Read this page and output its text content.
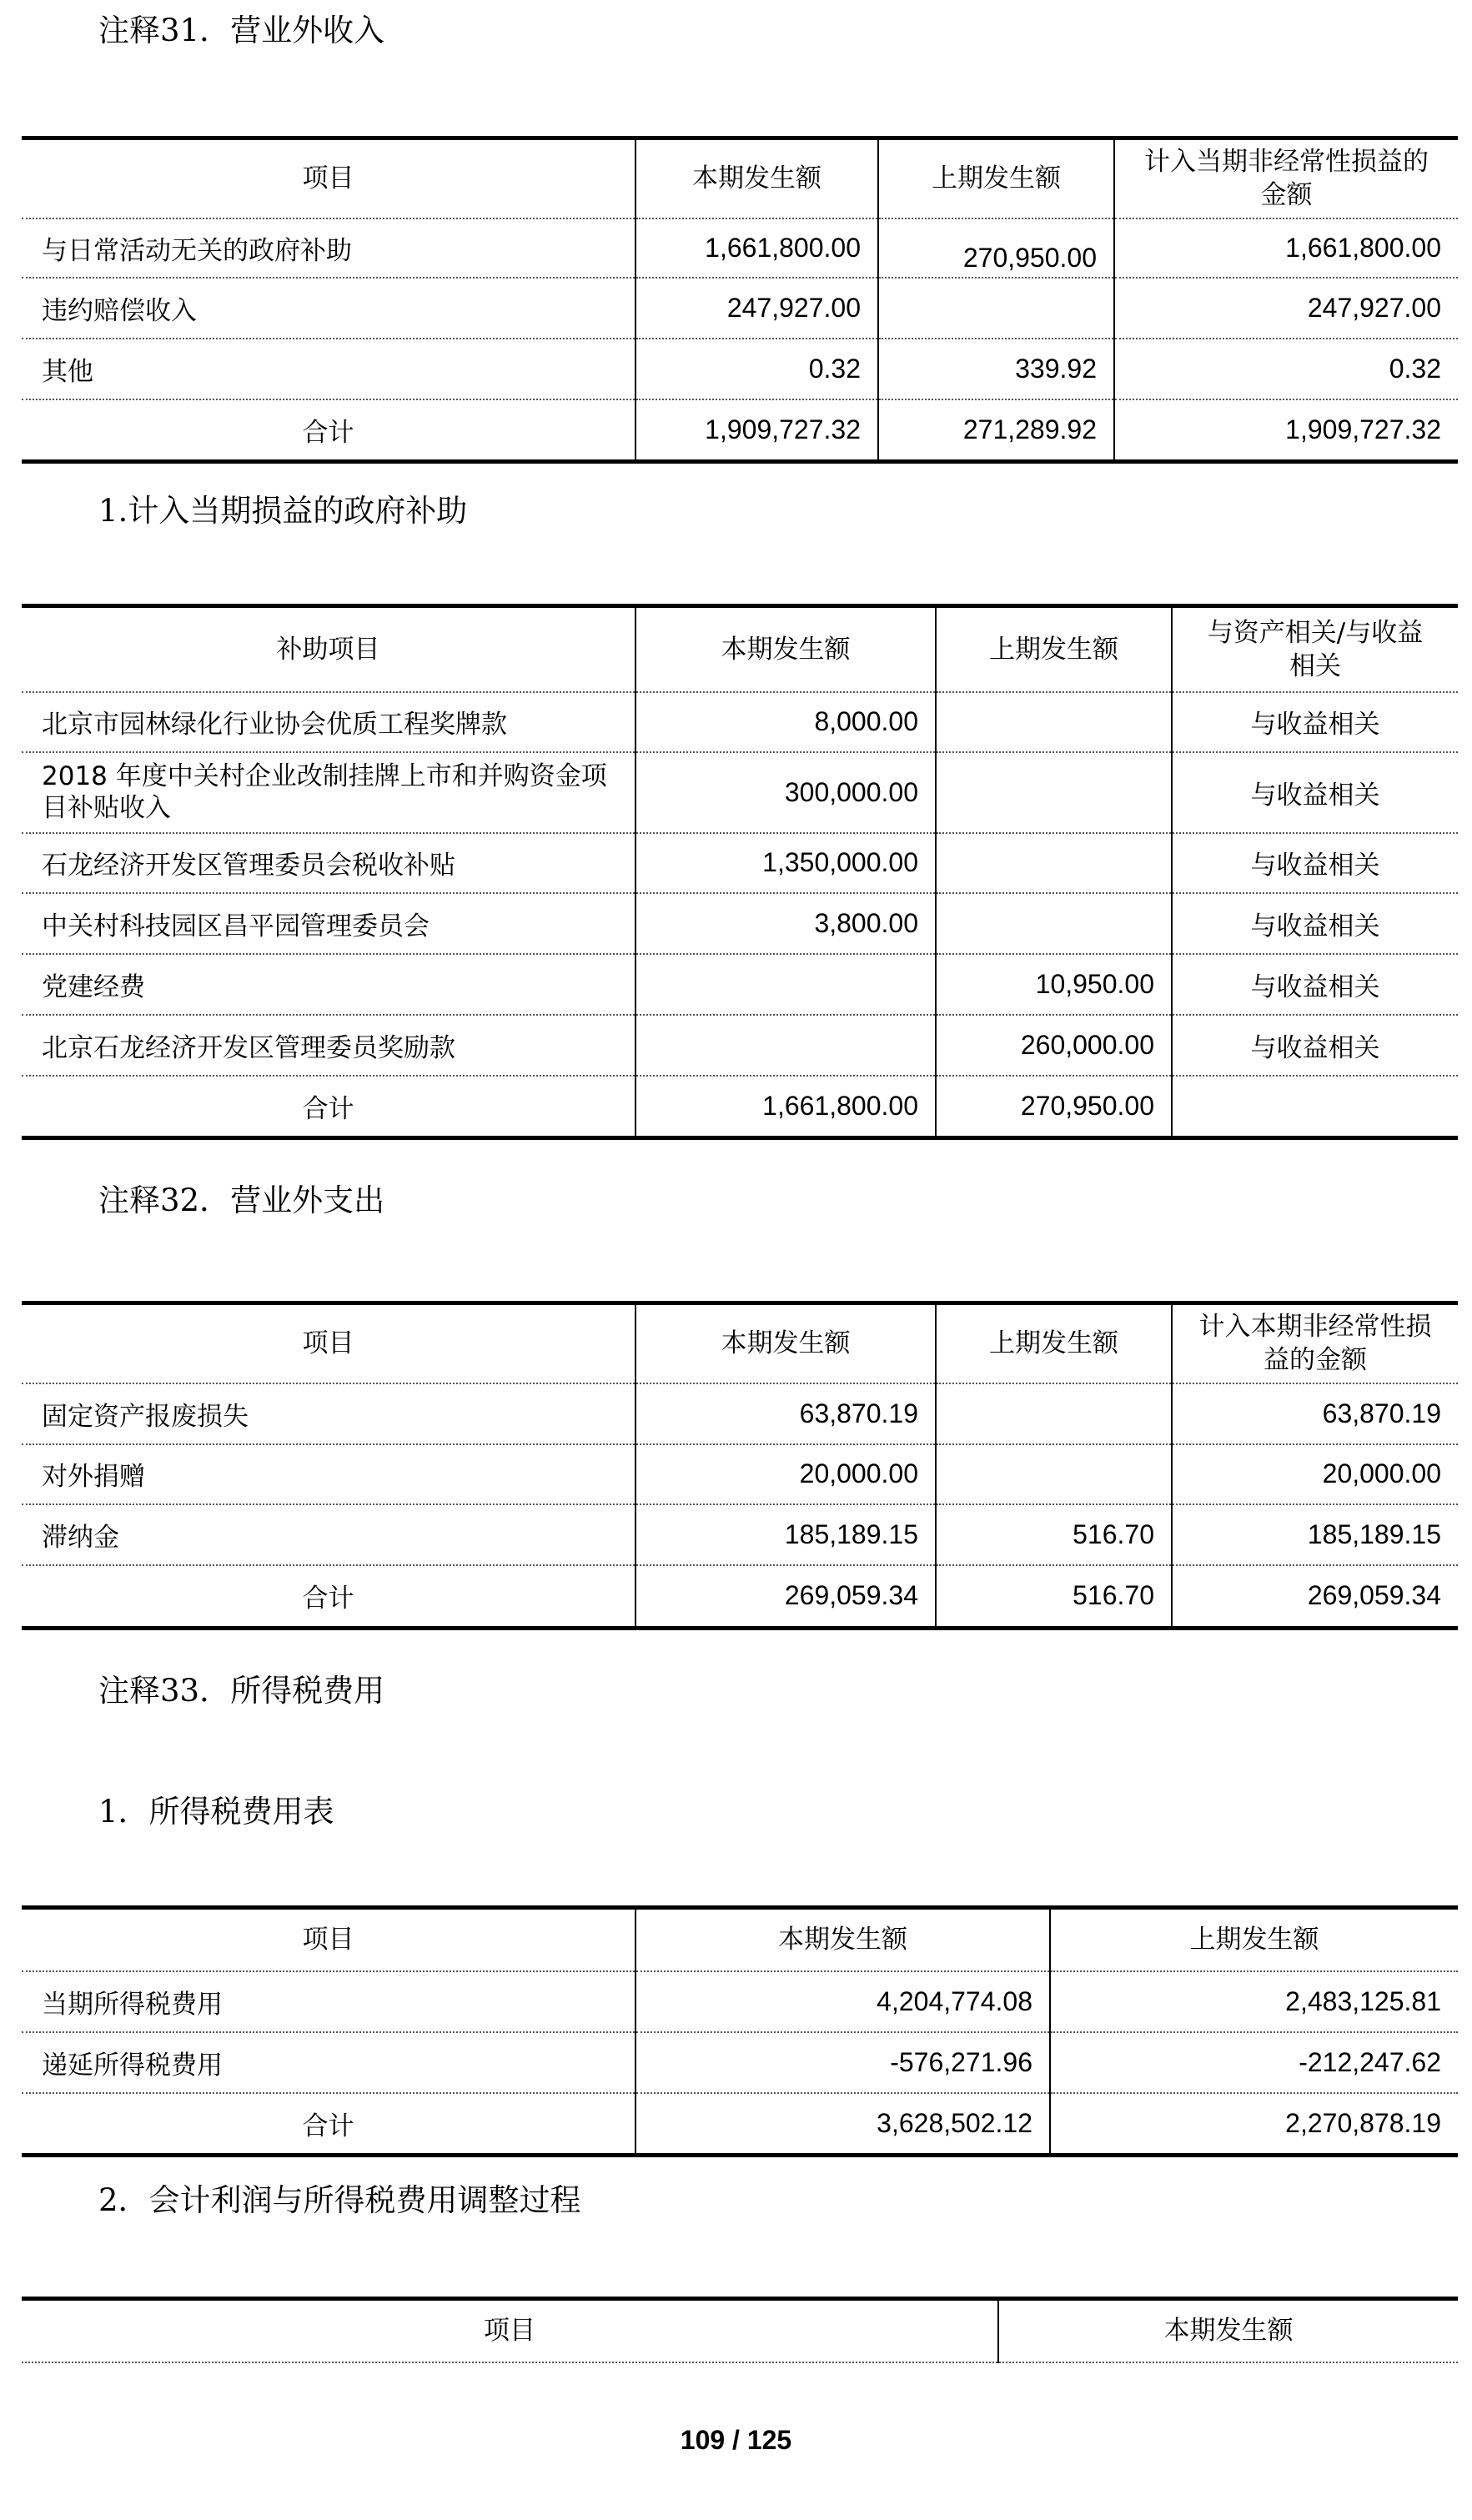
注释31．营业外收入
项目	本期发生额	上期发生额	计入当期非经常性损益的金额
与日常活动无关的政府补助	1,661,800.00	270,950.00	1,661,800.00
违约赔偿收入	247,927.00		247,927.00
其他	0.32	339.92	0.32
合计	1,909,727.32	271,289.92	1,909,727.32
1.计入当期损益的政府补助
补助项目	本期发生额	上期发生额	与资产相关/与收益相关
北京市园林绿化行业协会优质工程奖牌款	8,000.00		与收益相关
2018 年度中关村企业改制挂牌上市和并购资金项目补贴收入	300,000.00		与收益相关
石龙经济开发区管理委员会税收补贴	1,350,000.00		与收益相关
中关村科技园区昌平园管理委员会	3,800.00		与收益相关
党建经费		10,950.00	与收益相关
北京石龙经济开发区管理委员奖励款		260,000.00	与收益相关
合计	1,661,800.00	270,950.00	
注释32．营业外支出
项目	本期发生额	上期发生额	计入本期非经常性损益的金额
固定资产报废损失	63,870.19		63,870.19
对外捐赠	20,000.00		20,000.00
滞纳金	185,189.15	516.70	185,189.15
合计	269,059.34	516.70	269,059.34
注释33．所得税费用
1．所得税费用表
项目	本期发生额	上期发生额
当期所得税费用	4,204,774.08	2,483,125.81
递延所得税费用	-576,271.96	-212,247.62
合计	3,628,502.12	2,270,878.19
2．会计利润与所得税费用调整过程
项目	本期发生额
109 / 125
